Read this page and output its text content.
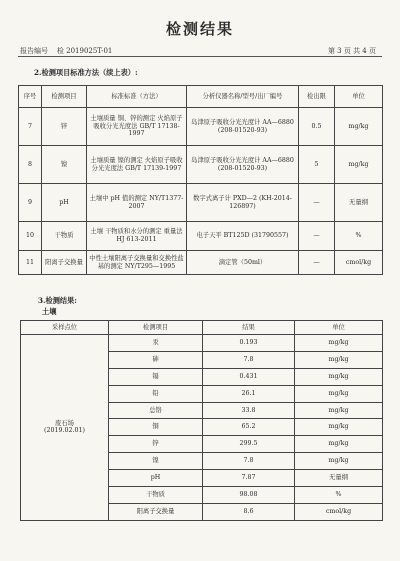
检测结果
报告编号 检 2019025T-01	第 3 页 共 4 页
2.检测项目标准方法（续上表）:
序号	检测项目	标准标准（方法）	分析仪器名称/型号/出厂编号	检出限	单位
7	锌	土壤质量 铜、锌的测定 火焰原子吸收分光光度法 GB/T 17138-1997	岛津原子吸收分光光度计 AA—6880 (208-01520-93)	0.5	mg/kg
8	镍	土壤质量 镍的测定 火焰原子吸收分光光度法 GB/T 17139-1997	岛津原子吸收分光光度计 AA—6880 (208-01520-93)	5	mg/kg
9	pH	土壤中 pH 值的测定 NY/T1377-2007	数字式离子计 PXD—2 (KH-2014-126897)	—	无量纲
10	干物质	土壤 干物质和水分的测定 重量法 HJ 613-2011	电子天平 BT125D (31790557)	—	%
11	阳离子交换量	中性土壤阳离子交换量和交换性盐基的测定 NY/T295—1995	滴定管（50ml）	—	cmol/kg
3.检测结果:
土壤
采样点位	检测项目	结果	单位

废石场
(2019.02.01)	汞	0.193	mg/kg
	砷	7.8	mg/kg
	镉	0.431	mg/kg
	铅	26.1	mg/kg
	总铬	33.8	mg/kg
	铜	65.2	mg/kg
	锌	299.5	mg/kg
	镍	7.8	mg/kg
	pH	7.87	无量纲
	干物质	98.08	%
	阳离子交换量	8.6	cmol/kg
